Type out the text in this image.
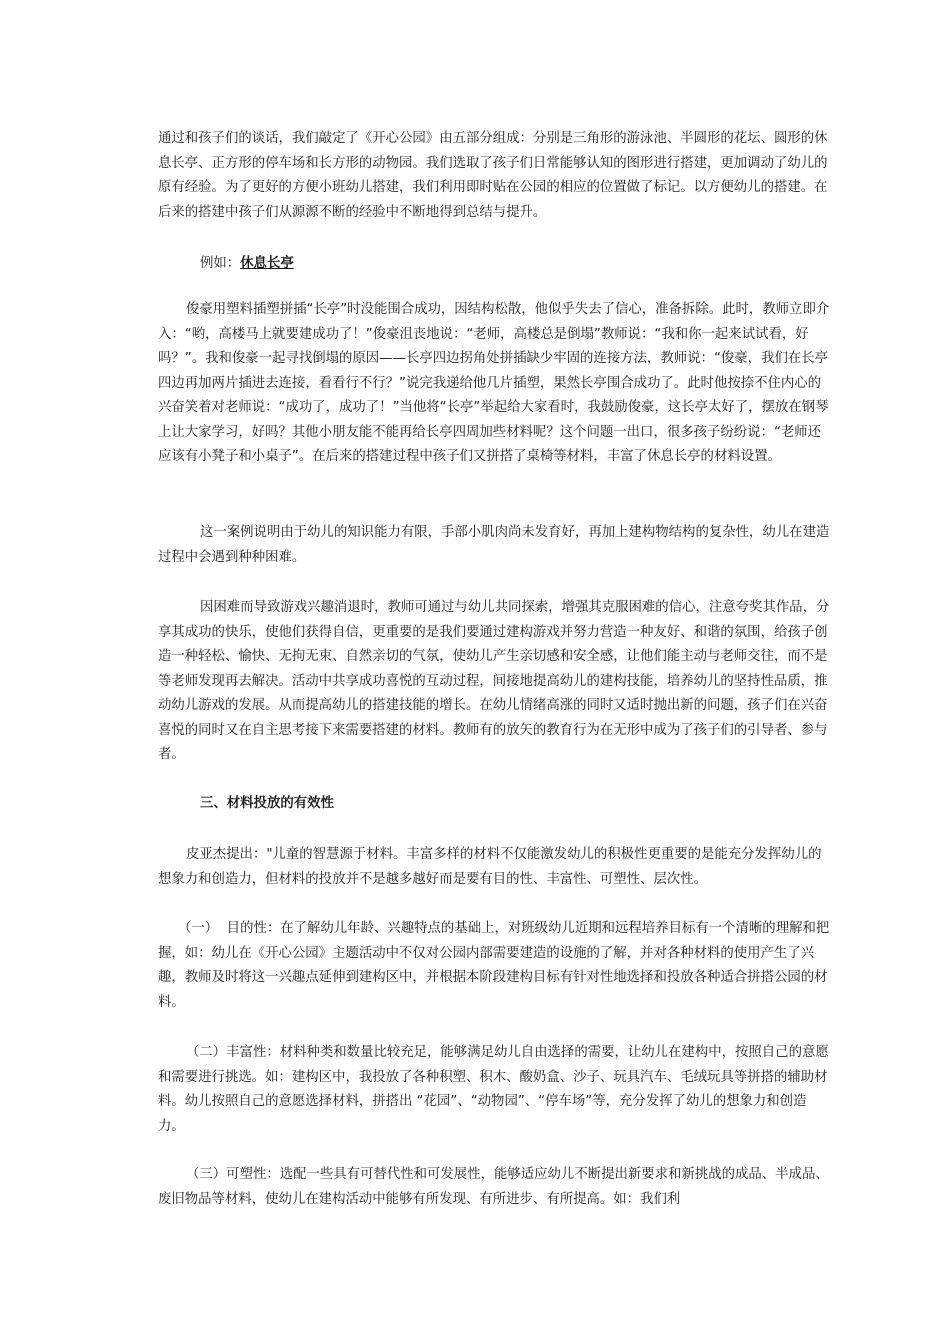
通过和孩子们的谈话，我们敲定了《开心公园》由五部分组成：分别是三角形的游泳池、半圆形的花坛、圆形的休息长亭、正方形的停车场和长方形的动物园。我们选取了孩子们日常能够认知的图形进行搭建，更加调动了幼儿的原有经验。为了更好的方便小班幼儿搭建，我们利用即时贴在公园的相应的位置做了标记。以方便幼儿的搭建。在后来的搭建中孩子们从源源不断的经验中不断地得到总结与提升。

例如：休息长亭

俊豪用塑料插塑拼插“长亭”时没能围合成功，因结构松散，他似乎失去了信心，准备拆除。此时，教师立即介入：“哟，高楼马上就要建成功了！”俊豪沮丧地说：“老师，高楼总是倒塌”教师说：“我和你一起来试试看，好吗？”。我和俊豪一起寻找倒塌的原因——长亭四边拐角处拼插缺少牢固的连接方法，教师说：“俊豪，我们在长亭四边再加两片插进去连接，看看行不行？”说完我递给他几片插塑，果然长亭围合成功了。此时他按捺不住内心的兴奋笑着对老师说：“成功了，成功了！”当他将“长亭”举起给大家看时，我鼓励俊豪，这长亭太好了，摆放在钢琴上让大家学习，好吗？其他小朋友能不能再给长亭四周加些材料呢？这个问题一出口，很多孩子纷纷说：“老师还应该有小凳子和小桌子”。在后来的搭建过程中孩子们又拼搭了桌椅等材料，丰富了休息长亭的材料设置。

这一案例说明由于幼儿的知识能力有限，手部小肌肉尚未发育好，再加上建构物结构的复杂性，幼儿在建造过程中会遇到种种困难。

因困难而导致游戏兴趣消退时，教师可通过与幼儿共同探索，增强其克服困难的信心，注意夸奖其作品，分享其成功的快乐，使他们获得自信，更重要的是我们要通过建构游戏并努力营造一种友好、和谐的氛围，给孩子创造一种轻松、愉快、无拘无束、自然亲切的气氛，使幼儿产生亲切感和安全感，让他们能主动与老师交往，而不是等老师发现再去解决。活动中共享成功喜悦的互动过程，间接地提高幼儿的建构技能，培养幼儿的坚持性品质，推动幼儿游戏的发展。从而提高幼儿的搭建技能的增长。在幼儿情绪高涨的同时又适时抛出新的问题，孩子们在兴奋喜悦的同时又在自主思考接下来需要搭建的材料。教师有的放矢的教育行为在无形中成为了孩子们的引导者、参与者。

三、材料投放的有效性

皮亚杰提出："儿童的智慧源于材料。丰富多样的材料不仅能激发幼儿的积极性更重要的是能充分发挥幼儿的想象力和创造力，但材料的投放并不是越多越好而是要有目的性、丰富性、可塑性、层次性。

（一）  目的性：在了解幼儿年龄、兴趣特点的基础上，对班级幼儿近期和远程培养目标有一个清晰的理解和把握，如：幼儿在《开心公园》主题活动中不仅对公园内部需要建造的设施的了解，并对各种材料的使用产生了兴趣，教师及时将这一兴趣点延伸到建构区中，并根据本阶段建构目标有针对性地选择和投放各种适合拼搭公园的材料。

（二）丰富性：材料种类和数量比较充足，能够满足幼儿自由选择的需要，让幼儿在建构中，按照自己的意愿和需要进行挑选。如：建构区中，我投放了各种积塑、积木、酸奶盒、沙子、玩具汽车、毛绒玩具等拼搭的辅助材料。幼儿按照自己的意愿选择材料，拼搭出 “花园”、“动物园”、“停车场”等，充分发挥了幼儿的想象力和创造力。

（三）可塑性：选配一些具有可替代性和可发展性，能够适应幼儿不断提出新要求和新挑战的成品、半成品、废旧物品等材料，使幼儿在建构活动中能够有所发现、有所进步、有所提高。如：我们利
